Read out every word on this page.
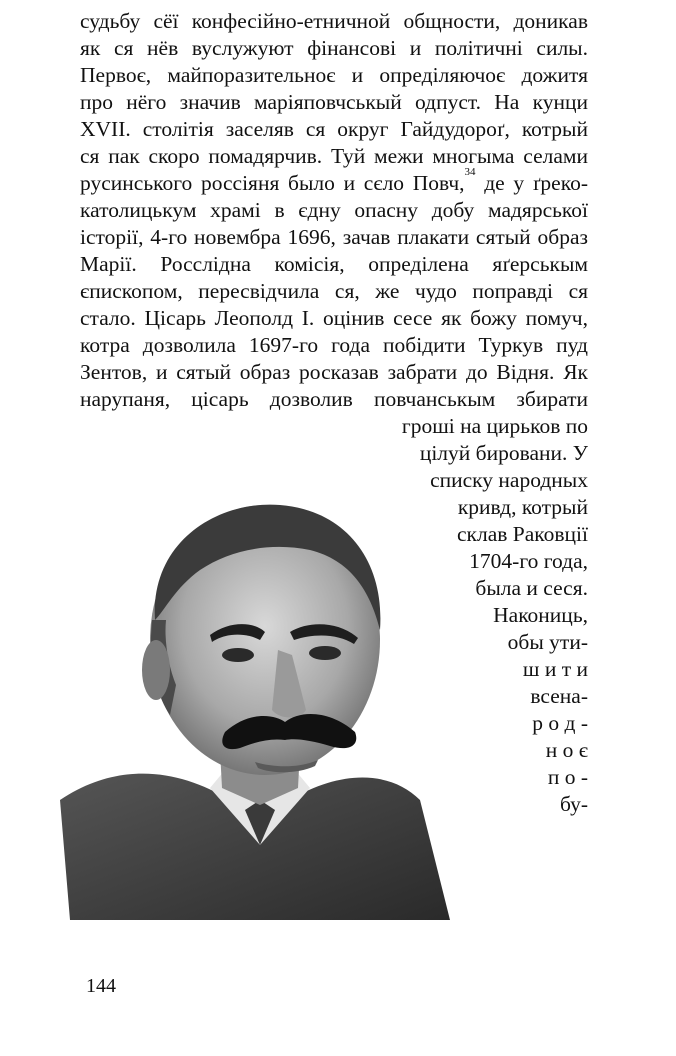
судьбу сёї конфесійно-етничной общности, доникав
як ся нёв вуслужуют фінансові и політичні силы.
Первоє, майпоразительноє и опреділяючоє дожитя
про нёго значив маріяповчськый одпуст. На кунци
XVII. столітія заселяв ся округ Гайдудороґ, котрый
ся пак скоро помадярчив. Туй межи многыма селами
русинського россіяня было и сєло Повч,$^{34}$ де у ґреко-
католицькум храмі в єдну опасну добу мадярської
історії, 4-го новембра 1696, зачав плакати сятый образ
Марії. Россліднa комісія, опреділена яґерськым
єпископом, пересвідчила ся, же чудо поправді ся
стало. Цісарь Леополд I. оцінив сесе як божу помуч,
котра дозволила 1697-го года побідити Туркув пуд
Зентов, и сятый образ роскaзав забрати до Відня. Як
нарупаня, цісарь дозволив повчанськым збирати
гроші на цирьков по
цілуй бировани. У
списку народных
кривд, котрый
склав Раковції
1704-го года,
была и сеся.
Накониць,
обы ути-
ш и т и
всена-
р о д -
н о є
п о -
бу-
144
